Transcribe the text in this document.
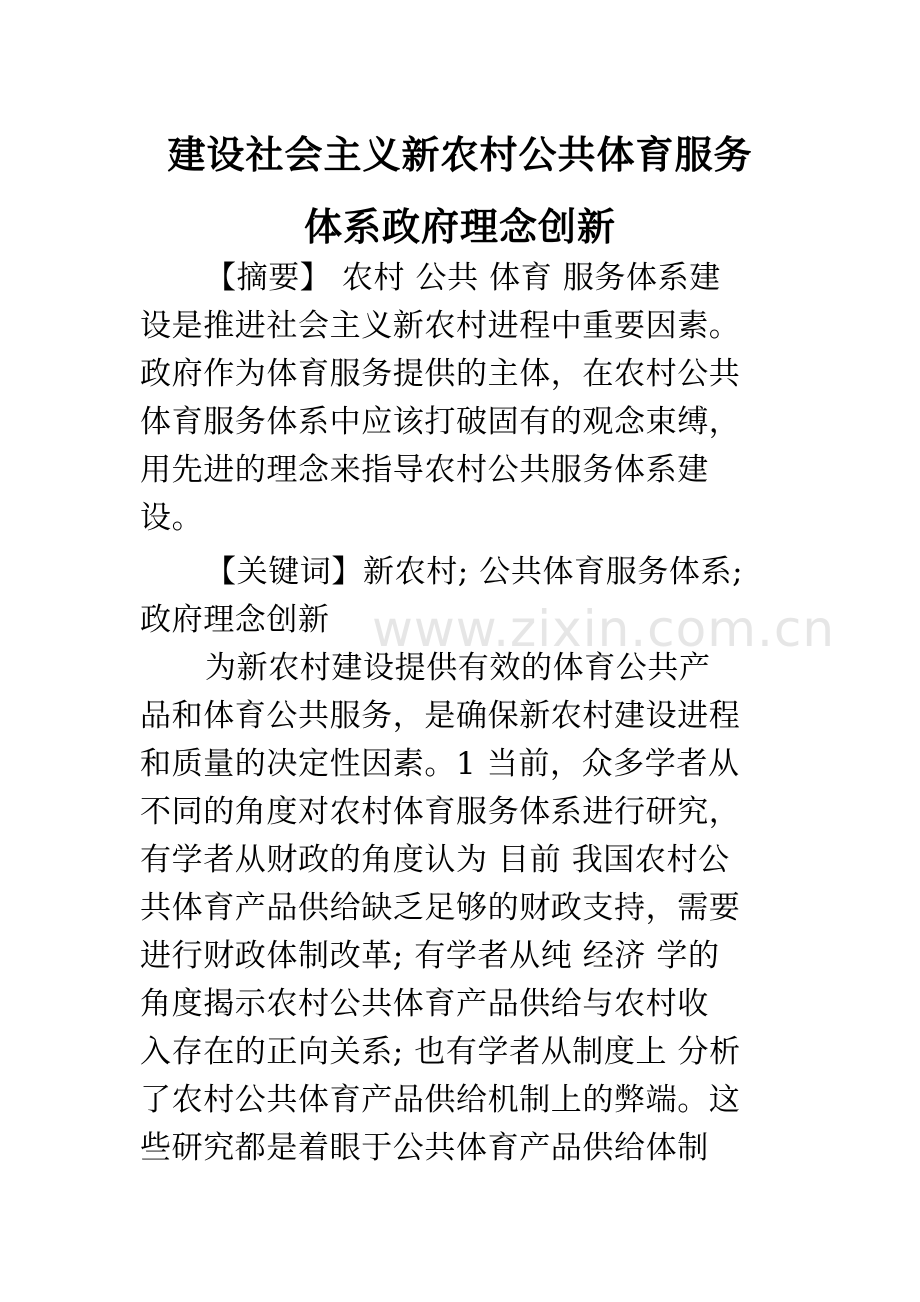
建设社会主义新农村公共体育服务
体系政府理念创新
【摘要】 农村 公共 体育 服务体系建
设是推进社会主义新农村进程中重要因素。
政府作为体育服务提供的主体，在农村公共
体育服务体系中应该打破固有的观念束缚，
用先进的理念来指导农村公共服务体系建
设。
【关键词】新农村; 公共体育服务体系;
政府理念创新 www.zixin.com.cn
为新农村建设提供有效的体育公共产
品和体育公共服务，是确保新农村建设进程
和质量的决定性因素。1 当前，众多学者从
不同的角度对农村体育服务体系进行研究，
有学者从财政的角度认为 目前 我国农村公
共体育产品供给缺乏足够的财政支持，需要
进行财政体制改革; 有学者从纯 经济 学的
角度揭示农村公共体育产品供给与农村收
入存在的正向关系; 也有学者从制度上 分析
了农村公共体育产品供给机制上的弊端。这
些研究都是着眼于公共体育产品供给体制
